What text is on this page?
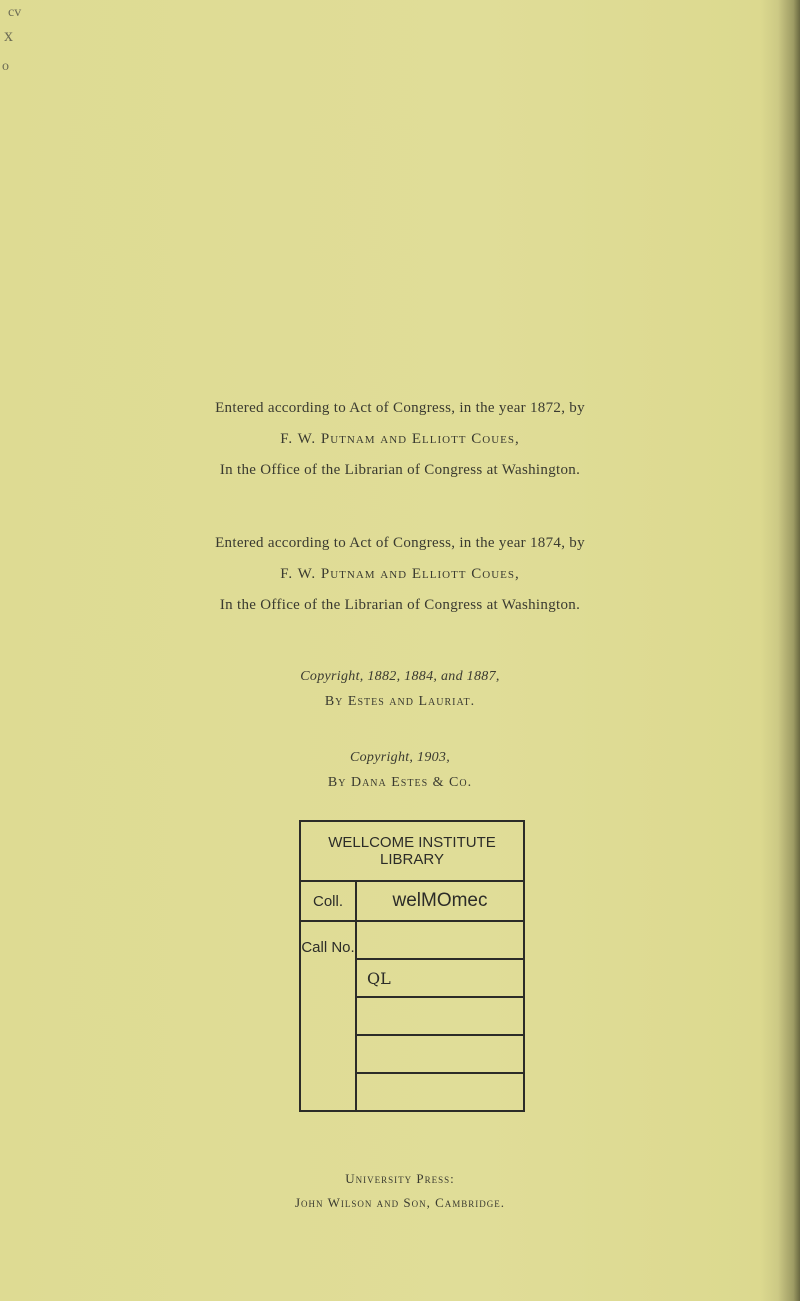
cv
x
o
Entered according to Act of Congress, in the year 1872, by
F. W. Putnam and Elliott Coues,
In the Office of the Librarian of Congress at Washington.
Entered according to Act of Congress, in the year 1874, by
F. W. Putnam and Elliott Coues,
In the Office of the Librarian of Congress at Washington.
Copyright, 1882, 1884, and 1887,
By Estes and Lauriat.
Copyright, 1903,
By Dana Estes & Co.
WELLCOME INSTITUTE LIBRARY	
Coll.	welMOmec
Call No.	
	QL

University Press:
John Wilson and Son, Cambridge.
